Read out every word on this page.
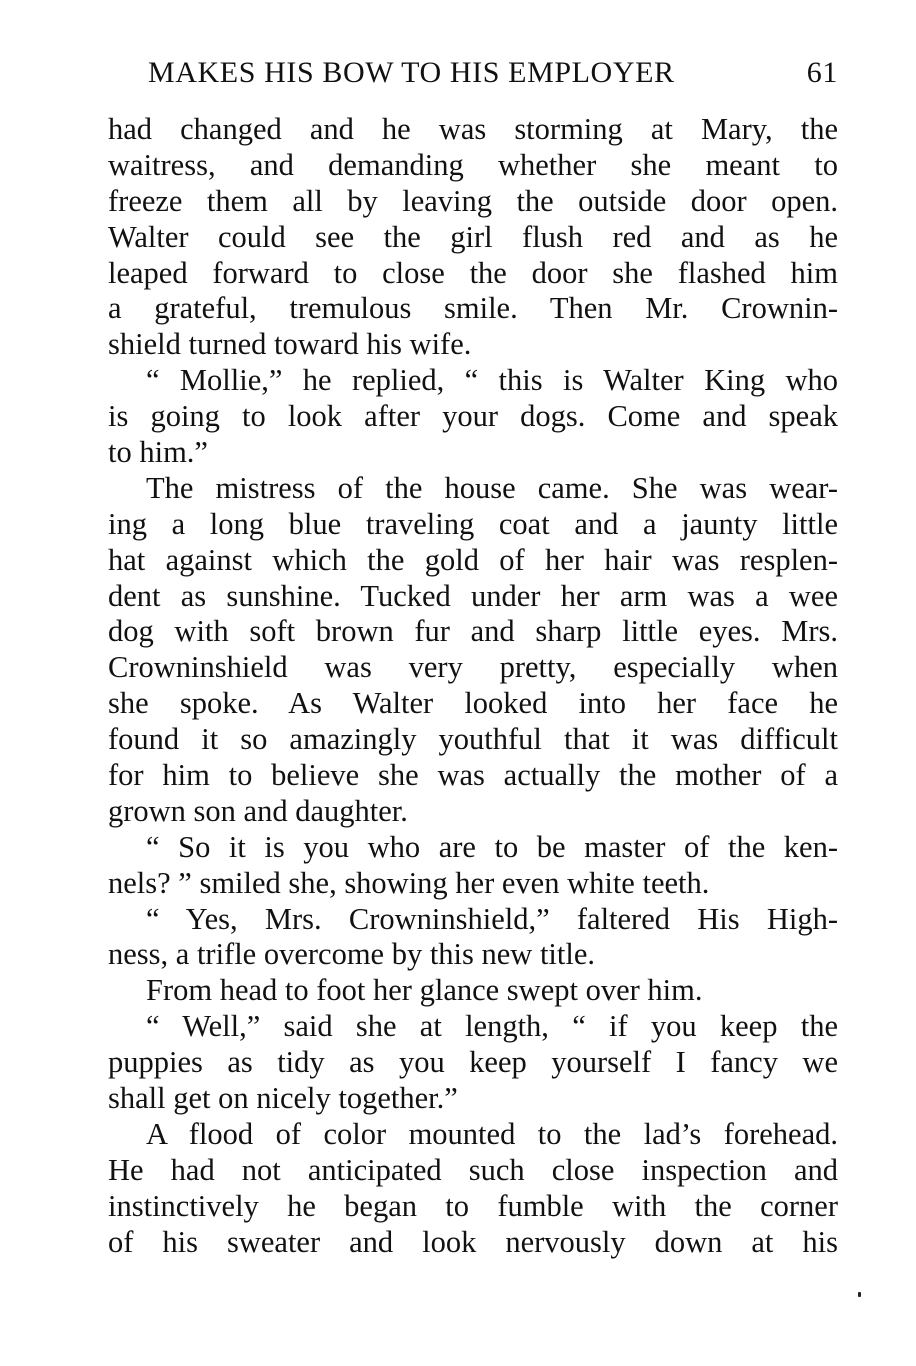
MAKES HIS BOW TO HIS EMPLOYER	61
had changed and he was storming at Mary, the
waitress, and demanding whether she meant to
freeze them all by leaving the outside door open.
Walter could see the girl flush red and as he
leaped forward to close the door she flashed him
a grateful, tremulous smile. Then Mr. Crownin-
shield turned toward his wife.
“ Mollie,” he replied, “ this is Walter King who
is going to look after your dogs. Come and speak
to him.”
The mistress of the house came. She was wear-
ing a long blue traveling coat and a jaunty little
hat against which the gold of her hair was resplen-
dent as sunshine. Tucked under her arm was a wee
dog with soft brown fur and sharp little eyes. Mrs.
Crowninshield was very pretty, especially when
she spoke. As Walter looked into her face he
found it so amazingly youthful that it was difficult
for him to believe she was actually the mother of a
grown son and daughter.
“ So it is you who are to be master of the ken-
nels? ” smiled she, showing her even white teeth.
“ Yes, Mrs. Crowninshield,” faltered His High-
ness, a trifle overcome by this new title.
From head to foot her glance swept over him.
“ Well,” said she at length, “ if you keep the
puppies as tidy as you keep yourself I fancy we
shall get on nicely together.”
A flood of color mounted to the lad’s forehead.
He had not anticipated such close inspection and
instinctively he began to fumble with the corner
of his sweater and look nervously down at his
